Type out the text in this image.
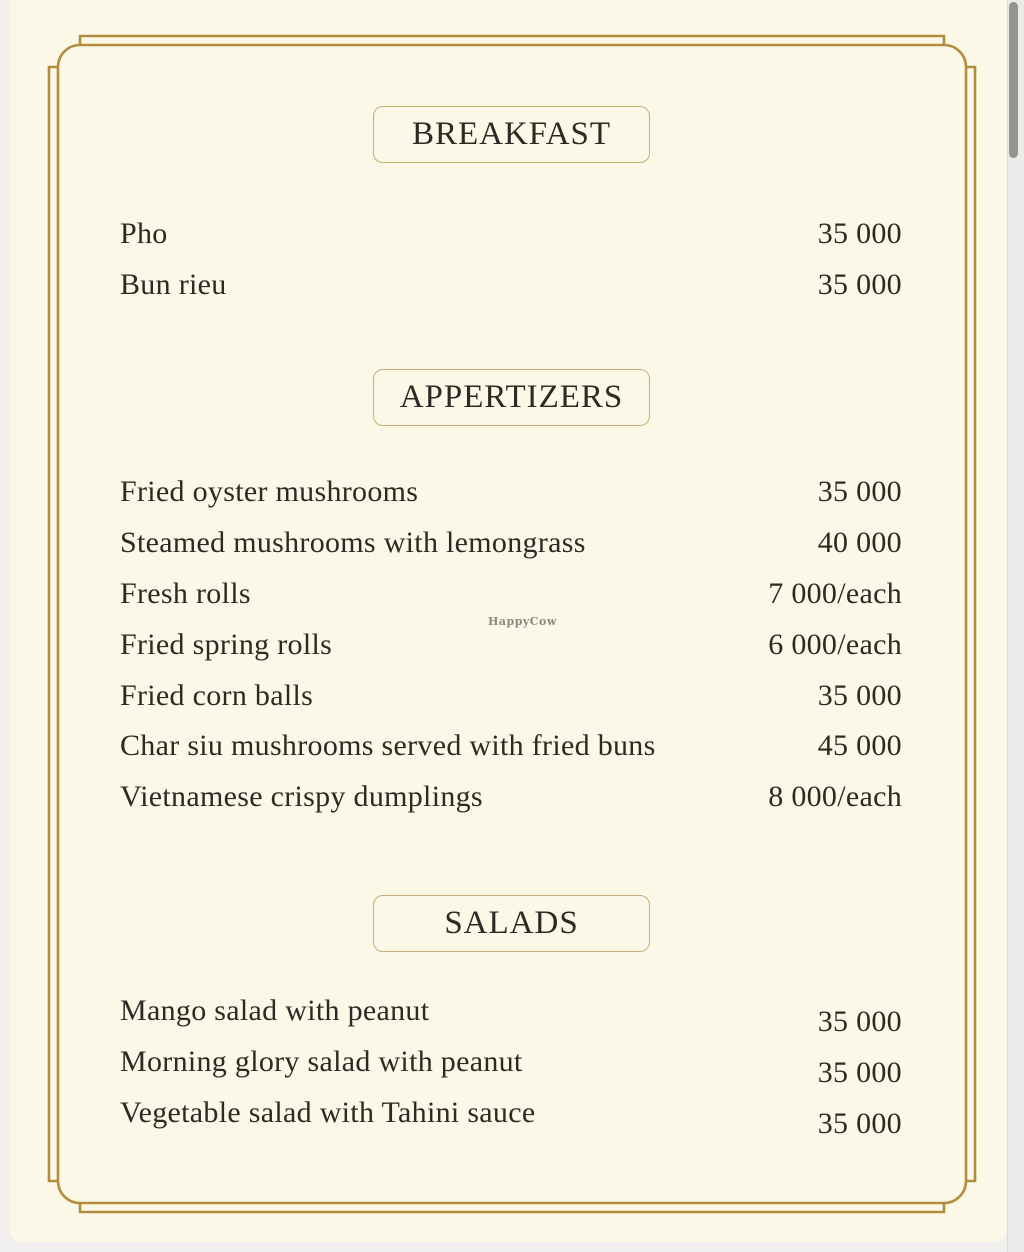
BREAKFAST
Pho	35 000
Bun rieu	35 000
APPERTIZERS
Fried oyster mushrooms	35 000
Steamed mushrooms with lemongrass	40 000
Fresh rolls	7 000/each
Fried spring rolls	6 000/each
Fried corn balls	35 000
Char siu mushrooms served with fried buns	45 000
Vietnamese crispy dumplings	8 000/each
SALADS
Mango salad with peanut	35 000
Morning glory salad with peanut	35 000
Vegetable salad with Tahini sauce	35 000
HappyCow
